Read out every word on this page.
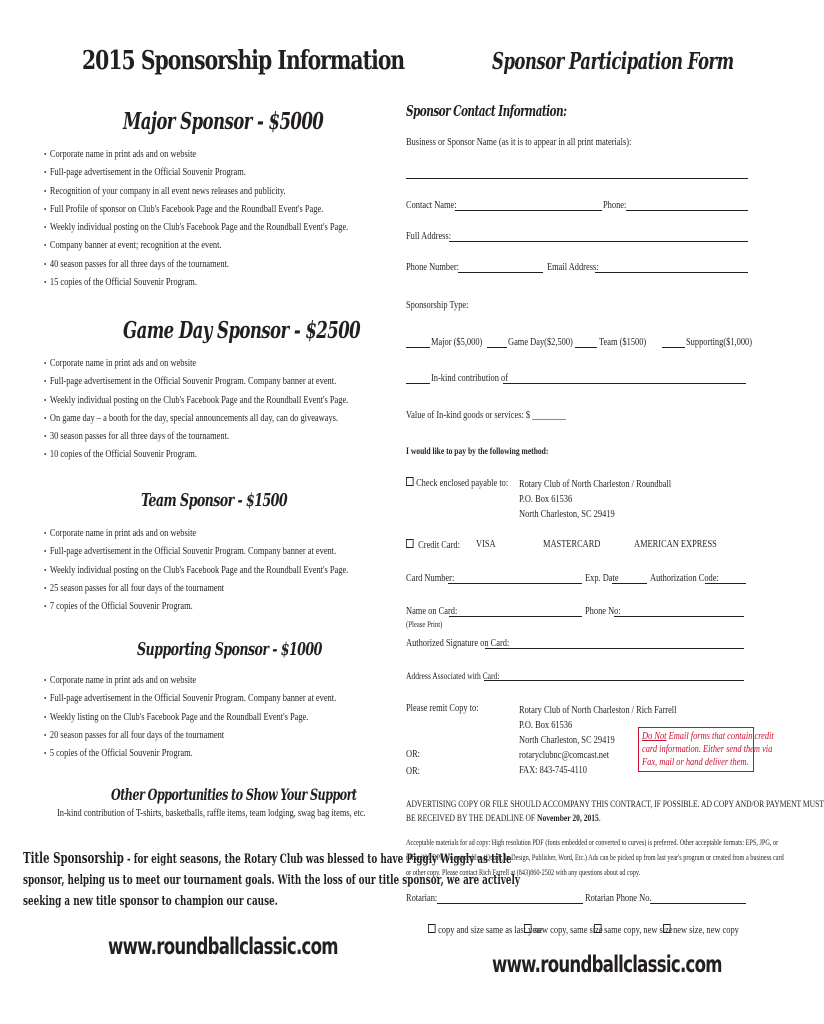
2015 Sponsorship Information
Major Sponsor - $5000
• Corporate name in print ads and on website
• Full-page advertisement in the Official Souvenir Program.
• Recognition of your company in all event news releases and publicity.
• Full Profile of sponsor on Club's Facebook Page and the Roundball Event's Page.
• Weekly individual posting on the Club's Facebook Page and the Roundball Event's Page.
• Company banner at event; recognition at the event.
• 40 season passes for all three days of the tournament.
• 15 copies of the Official Souvenir Program.
Game Day Sponsor - $2500
• Corporate name in print ads and on website
• Full-page advertisement in the Official Souvenir Program. Company banner at event.
• Weekly individual posting on the Club's Facebook Page and the Roundball Event's Page.
• On game day – a booth for the day, special announcements all day, can do giveaways.
• 30 season passes for all three days of the tournament.
• 10 copies of the Official Souvenir Program.
Team Sponsor - $1500
• Corporate name in print ads and on website
• Full-page advertisement in the Official Souvenir Program. Company banner at event.
• Weekly individual posting on the Club's Facebook Page and the Roundball Event's Page.
• 25 season passes for all four days of the tournament
• 7 copies of the Official Souvenir Program.
Supporting Sponsor - $1000
• Corporate name in print ads and on website
• Full-page advertisement in the Official Souvenir Program. Company banner at event.
• Weekly listing on the Club's Facebook Page and the Roundball Event's Page.
• 20 season passes for all four days of the tournament
• 5 copies of the Official Souvenir Program.
Other Opportunities to Show Your Support
In-kind contribution of T-shirts, basketballs, raffle items, team lodging, swag bag items, etc.
Title Sponsorship - for eight seasons, the Rotary Club was blessed to have Piggly Wiggly as title
sponsor, helping us to meet our tournament goals. With the loss of our title sponsor, we are actively
seeking a new title sponsor to champion our cause.
www.roundballclassic.com
Sponsor Participation Form
Sponsor Contact Information:
Business or Sponsor Name (as it is to appear in all print materials):
Contact Name:	Phone:
Full Address:
Phone Number:	Email Address:
Sponsorship Type:
Major ($5,000)	Game Day($2,500)	Team ($1500)	Supporting($1,000)
In-kind contribution of
Value of In-kind goods or services: $ ________
I would like to pay by the following method:
Check enclosed payable to: Rotary Club of North Charleston / Roundball
P.O. Box 61536
North Charleston, SC 29419
Credit Card: VISA	MASTERCARD	AMERICAN EXPRESS
Card Number:	Exp. Date	Authorization Code:
Name on Card:	Phone No:
(Please Print)
Authorized Signature on Card:
Address Associated with Card:
Please remit Copy to:	Rotary Club of North Charleston / Rich Farrell
P.O. Box 61536
North Charleston, SC 29419
rotaryclubnc@comcast.net
FAX: 843-745-4110
OR:
OR:
Do Not Email forms that contain credit
card information. Either send them via
Fax, mail or hand deliver them.
ADVERTISING COPY OR FILE SHOULD ACCOMPANY THIS CONTRACT, IF POSSIBLE. AD COPY AND/OR PAYMENT MUST
BE RECEIVED BY THE DEADLINE OF November 20, 2015.
Acceptable materials for ad copy: High resolution PDF (fonts embedded or converted to curves) is preferred. Other acceptable formats: EPS, JPG, or
tiff at 300 DPI. No native files (Quark, In Design, Publisher, Word, Etc.) Ads can be picked up from last year's program or created from a business card
or other copy. Please contact Rich Farrell at (843)860-2502 with any questions about ad copy.
Rotarian:	Rotarian Phone No.
copy and size same as last year
new copy, same size same copy, new size new size, new copy
www.roundballclassic.com
